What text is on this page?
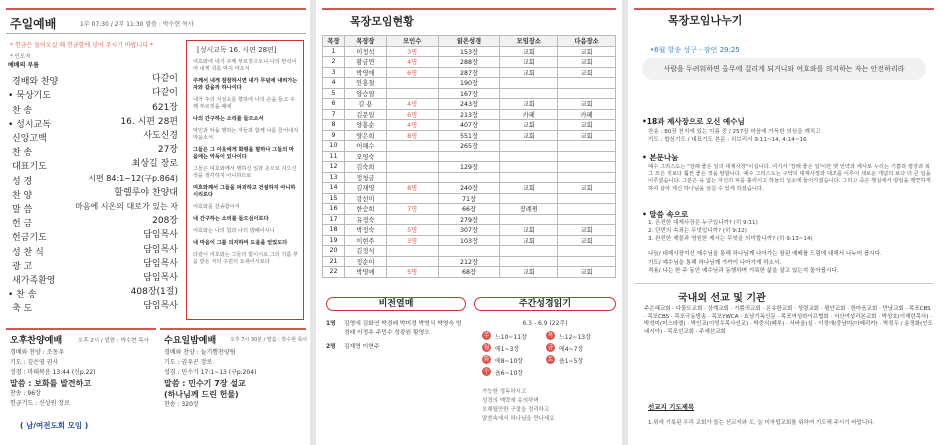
주일예배	1부 07:30 / 2부 11:30 말씀 : 박수현 목사
* 헌금은 들어오실 때 헌금함에 넣어 주시기 바랍니다 *
* 인도자
예배의 부름
경배와 찬양	다같이
• 묵상기도	다같이
찬 송	621장
• 성시교독	16. 시편 28편
신앙고백	사도신경
찬 송	27장
대표기도	최상길 장로
성 경	시편 84:1~12(구p.864)
찬 양	할렐루야 찬양대
말 씀	마음에 시온의 대로가 있는 자
헌 금	208장
헌금기도	담임목사
성 찬 식	담임목사
광 고	담임목사
새가족환영	담임목사
• 찬 송	408장(1절)
축 도	담임목사
[성시교독 16. 시편 28편]
여호와여 내가 주께 부르짖으오니 나의 반석이여 내게 귀를 막지 마소서
주께서 내게 잠잠하시면 내가 무덤에 내려가는 자와 같을까 하나이다
내가 주의 지성소를 향하여 나의 손을 들고 주께 부르짖을 때에
나의 간구하는 소리를 들으소서
악인과 악을 행하는 자들과 함께 나를 끌어내지 마옵소서
그들은 그 이웃에게 화평을 말하나 그들의 마음에는 악독이 있나이다
그들은 여호와께서 행하신 일과 손으로 지으신 것을 생각하지 아니하므로
여호와께서 그들을 파괴하고 건설하지 아니하시리로다
여호와를 찬송함이여
내 간구하는 소리를 들으심이로다
여호와는 나의 힘과 나의 방패이시니
내 마음이 그를 의지하여 도움을 얻었도다
다같이 여호와는 그들의 힘이시요 그의 기름 부음 받은 자의 구원의 요새이시로다
오후찬양예배	오후 2시 / 말씀 : 박수현 목사
경배와 찬양 : 조동우
기도 : 김은영 권사
성경 : 마태복음 13:44 (신p.22)
말씀 : 보화를 발견하고
찬송 : 96장
헌금기도 : 신상원 장로
( 남/여전도회 모임 )
수요일밤예배	오후 7시 30분 / 말씀 : 박수현 목사
경배와 찬양 : 늘기쁨찬양팀
기도 : 권우곤 장로
성경 : 민수기 17:1~13 (구p.204)
말씀 : 민수기 7장 설교
(하나님께 드린 헌물)
찬송 : 320장
목장모임현황
목장	목장장	모인수	읽은성경	모임장소	다음장소
1	이정석	3명	153장	교회	교회
2	황금연	4명	288장	교회	교회
3	박영애	6명	287장	교회	교회
4	안홍철		190장		
5	양승열		167장		
6	김 용	4명	243장	교회	교회
7	김문일	6명	213장	카페	카페
8	양홍순	4명	407장	교회	교회
9	양은희	8명	551장	교회	교회
10	어해수		265장		
11	오영숙				
12	김숙희		129장		
13	정청금				
14	김재영	8명	240장	교회	교회
15	강선미		71장		
16	한승희	7명	66장	장례원	
17	유정숙		279장		
18	박정숙	5명	307장	교회	교회
19	이현주	3명	103장	교회	교회
20	김정식				
21	정순이		212장		
22	박영애	5명	68장	교회	교회
비전열매
1명 김영애 김화연 박경래 박미경 박영식 박영숙 엄경래 이정주 주민수 성광원 황영오
2명 김재영 이현주
주간성경읽기
6.3 - 6.9 (22주)
주 느10~11장	목 느12~13장
월 에1~3장	금 에4~7장
화 에8~10장	토 욥1~5장
수 욥6~10장
가능한 정독하시고
성경의 맥락에 유의하며
오해될만한 구절을 정리하고
말씀속에서 하나님을 만나세요
목장모임나누기
•6월 항송 성구 - 잠언 29:25
사람을 두려워하면 올무에 걸리게 되거니와 여호와를 의지하는 자는 안전하리라
•18과 제사장으로 오신 예수님
찬송 : 80장 천지에 있는 이름 중 / 257장 마음에 가득한 의심을 깨치고
기도 : 합심기도 / 대표기도 본문 : 히브리서 9:11~14, 4:14~16
• 본문나눔
예수 그리스도는 "장래 좋은 일의 대제사장"이십니다. 여기서 '장래 좋은 일'이란 옛 언약과 제사로 누리는 기쁨과 평강과 복 그 모든 것보다 훨씬 좋은 것을 말합니다. 예수 그리스도는 구약의 대제사장과 대조를 이루어 새로운 개념의 보다 더 큰 일을 이루셨습니다. 그분은 육 없는 자신의 피를 흘리시고 하늘의 성소에 들어가셨습니다. 그리고 죽은 행실에서 양심을 깨끗하게 하여 살아 계신 하나님을 섬길 수 있게 하셨습니다.
• 말씀 속으로
1. 온전한 대제사장은 누구입니까? (히 9:11)
2. 단번의 속죄는 무엇입니까? (히 9:12)
3. 완전한 제물과 영원한 제사는 무엇을 의미합니까? (히 9:13~14)
나눔/ 대제사장이신 예수님을 통해 하나님께 나아가는 참된 예배를 드림에 대해서 나누어 봅시다.
기도/ 예수님을 통해 하나님께 가까이 나아가게 하소서.
적용/ 나는 한 주 동안 예수님과 동행하며 거룩한 삶을 살고 있는지 돌아봅시다.
국내외 선교 및 기관
주은혜교회 · 다물도교회 · 상계교회 · 기쁨의교회 · 온유한교회 · 성령교회 · 평안교회 · 한마음교회 · 만남교회 · 목포CBS · 목포CBS · 목포극동방송 · 목포YWCA · 호남기독신문 · 목포여성라이프협회 · 서산여성리본교회 · 박성호(이재린목사) · 박성미(미스라엘) · 박인교(이영우목사선교) · 박중식(페루) · 서바울(실 · 이정애(중남미(아메리카) · 박정우 / 송정화(인도네시아) · 목포선교회 · 주세선교회
선교지 기도제목
1.위에 기록된 우리 교회가 돕는 선교지와 도, 늘 미자립교회를 위하여 기도해 주시기 바랍니다.
